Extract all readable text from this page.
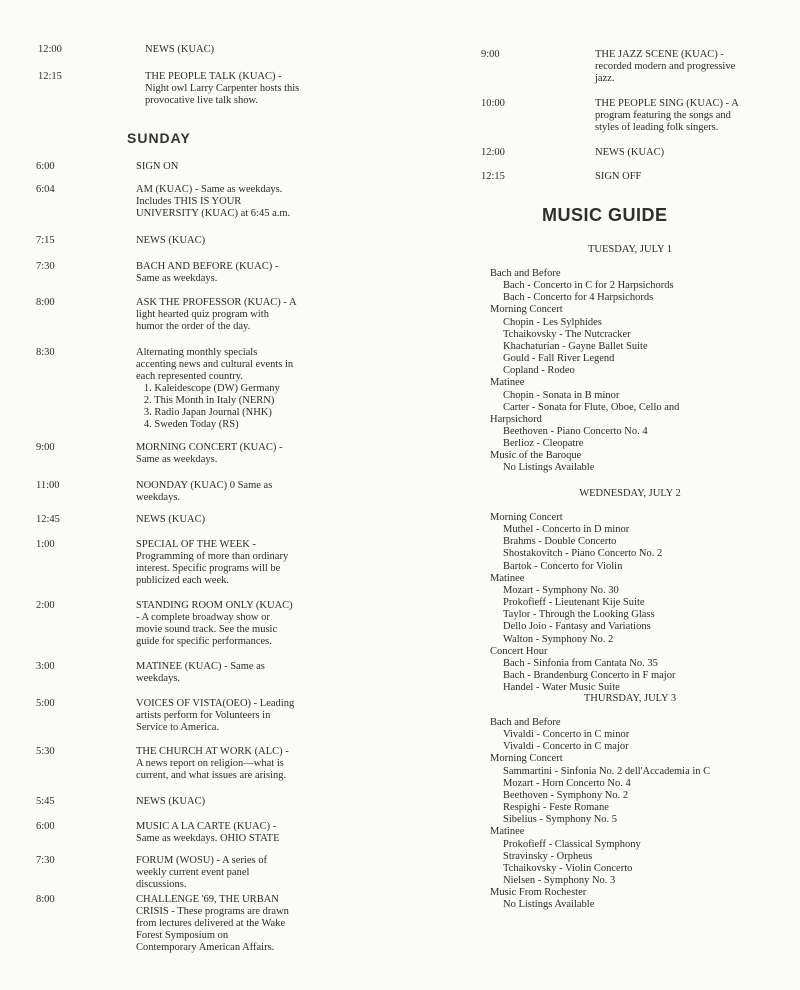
12:00	NEWS (KUAC)
12:15	THE PEOPLE TALK (KUAC) -
Night owl Larry Carpenter hosts this
provocative live talk show.
SUNDAY
6:00	SIGN ON
6:04	AM (KUAC) - Same as weekdays.
Includes THIS IS YOUR
UNIVERSITY (KUAC) at 6:45 a.m.
7:15	NEWS (KUAC)
7:30	BACH AND BEFORE (KUAC) -
Same as weekdays.
8:00	ASK THE PROFESSOR (KUAC) - A
light hearted quiz program with
humor the order of the day.
8:30	Alternating monthly specials
accenting news and cultural events in
each represented country.
1. Kaleidescope (DW) Germany
2. This Month in Italy (NERN)
3. Radio Japan Journal (NHK)
4. Sweden Today (RS)
9:00	MORNING CONCERT (KUAC) -
Same as weekdays.
11:00	NOONDAY (KUAC) 0 Same as
weekdays.
12:45	NEWS (KUAC)
1:00	SPECIAL OF THE WEEK -
Programming of more than ordinary
interest. Specific programs will be
publicized each week.
2:00	STANDING ROOM ONLY (KUAC)
- A complete broadway show or
movie sound track. See the music
guide for specific performances.
3:00	MATINEE (KUAC) - Same as
weekdays.
5:00	VOICES OF VISTA(OEO) - Leading
artists perform for Volunteers in
Service to America.
5:30	THE CHURCH AT WORK (ALC) -
A news report on religion—what is
current, and what issues are arising.
5:45	NEWS (KUAC)
6:00	MUSIC A LA CARTE (KUAC) -
Same as weekdays. OHIO STATE
7:30	FORUM (WOSU) - A series of
weekly current event panel
discussions.
8:00	CHALLENGE '69, THE URBAN
CRISIS - These programs are drawn
from lectures delivered at the Wake
Forest Symposium on
Contemporary American Affairs.
9:00	THE JAZZ SCENE (KUAC) -
recorded modern and progressive
jazz.
10:00	THE PEOPLE SING (KUAC) - A
program featuring the songs and
styles of leading folk singers.
12:00	NEWS (KUAC)
12:15	SIGN OFF
MUSIC GUIDE
TUESDAY, JULY 1
Bach and Before
Bach - Concerto in C for 2 Harpsichords
Bach - Concerto for 4 Harpsichords
Morning Concert
Chopin - Les Sylphides
Tchaikovsky - The Nutcracker
Khachaturian - Gayne Ballet Suite
Gould - Fall River Legend
Copland - Rodeo
Matinee
Chopin - Sonata in B minor
Carter - Sonata for Flute, Oboe, Cello and
Harpsichord
Beethoven - Piano Concerto No. 4
Berlioz - Cleopatre
Music of the Baroque
No Listings Available
WEDNESDAY, JULY 2
Morning Concert
Muthel - Concerto in D minor
Brahms - Double Concerto
Shostakovitch - Piano Concerto No. 2
Bartok - Concerto for Violin
Matinee
Mozart - Symphony No. 30
Prokofieff - Lieutenant Kije Suite
Taylor - Through the Looking Glass
Dello Joio - Fantasy and Variations
Walton - Symphony No. 2
Concert Hour
Bach - Sinfonia from Cantata No. 35
Bach - Brandenburg Concerto in F major
Handel - Water Music Suite
THURSDAY, JULY 3
Bach and Before
Vivaldi - Concerto in C minor
Vivaldi - Concerto in C major
Morning Concert
Sammartini - Sinfonia No. 2 dell'Accademia in C
Mozart - Horn Concerto No. 4
Beethoven - Symphony No. 2
Respighi - Feste Romane
Sibelius - Symphony No. 5
Matinee
Prokofieff - Classical Symphony
Stravinsky - Orpheus
Tchaikovsky - Violin Concerto
Nielsen - Symphony No. 3
Music From Rochester
No Listings Available
